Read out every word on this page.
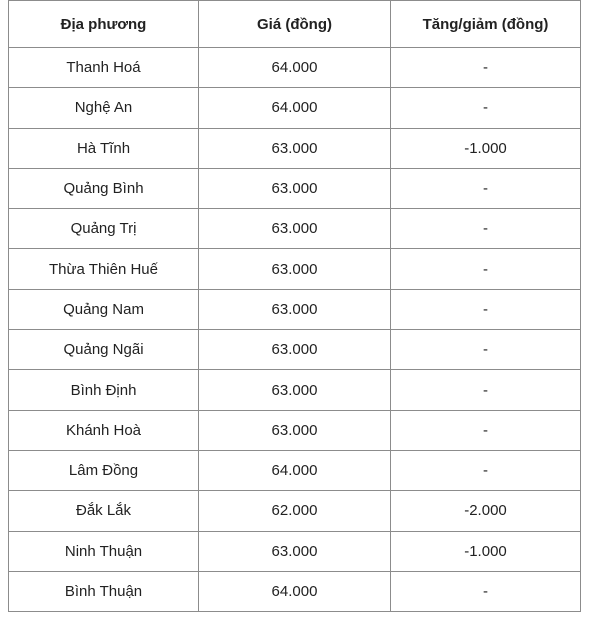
Địa phương	Giá (đồng)	Tăng/giảm (đồng)
Thanh Hoá	64.000	-
Nghệ An	64.000	-
Hà Tĩnh	63.000	-1.000
Quảng Bình	63.000	-
Quảng Trị	63.000	-
Thừa Thiên Huế	63.000	-
Quảng Nam	63.000	-
Quảng Ngãi	63.000	-
Bình Định	63.000	-
Khánh Hoà	63.000	-
Lâm Đồng	64.000	-
Đắk Lắk	62.000	-2.000
Ninh Thuận	63.000	-1.000
Bình Thuận	64.000	-
